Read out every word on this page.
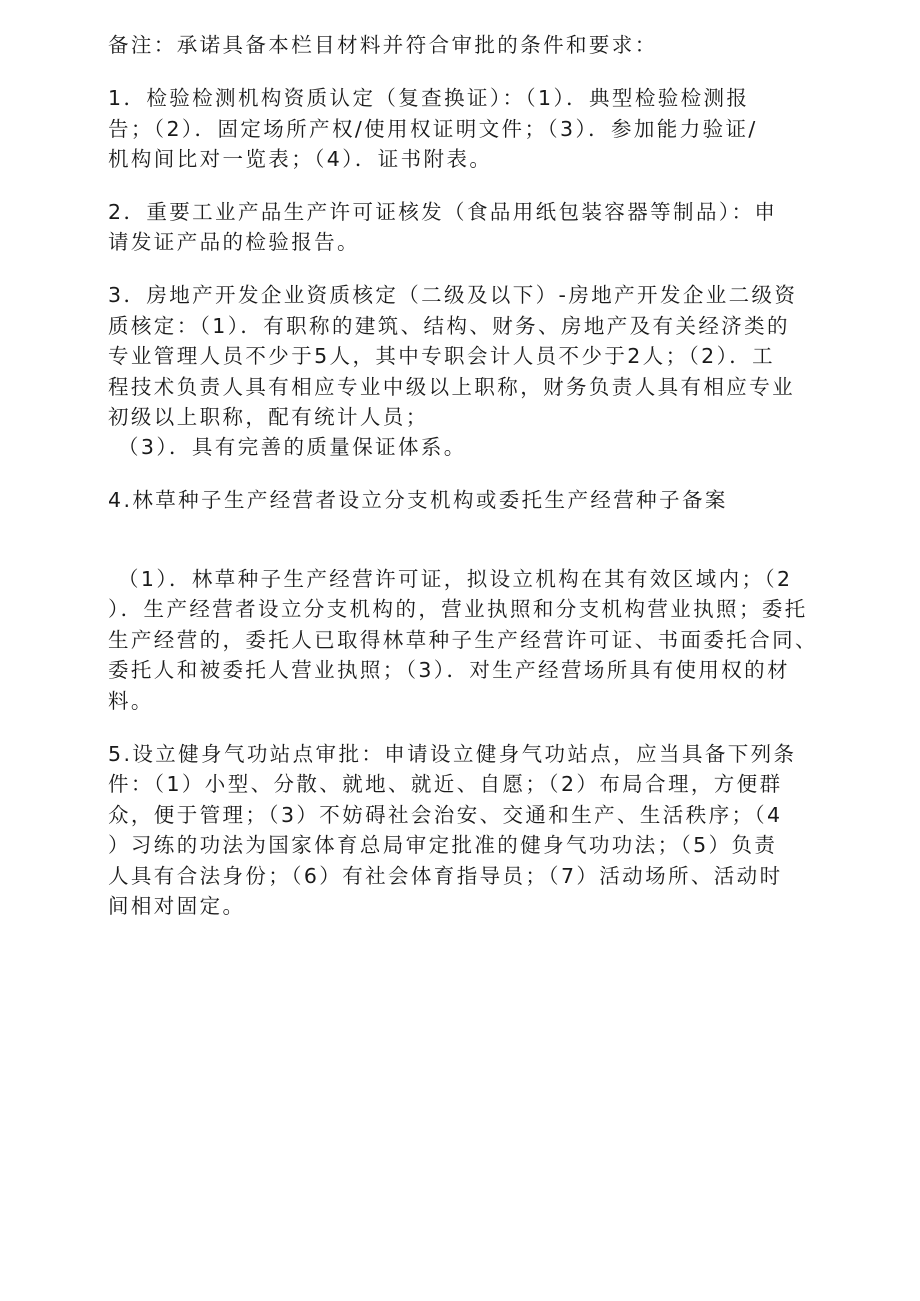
备注：承诺具备本栏目材料并符合审批的条件和要求：
1．检验检测机构资质认定（复查换证）：（1）．典型检验检测报
告；（2）．固定场所产权/使用权证明文件；（3）．参加能力验证/
机构间比对一览表；（4）．证书附表。
2．重要工业产品生产许可证核发（食品用纸包装容器等制品）：申
请发证产品的检验报告。
3．房地产开发企业资质核定（二级及以下）-房地产开发企业二级资
质核定：（1）．有职称的建筑、结构、财务、房地产及有关经济类的
专业管理人员不少于5人，其中专职会计人员不少于2人；（2）．工
程技术负责人具有相应专业中级以上职称，财务负责人具有相应专业
初级以上职称，配有统计人员；
（3）．具有完善的质量保证体系。
4.林草种子生产经营者设立分支机构或委托生产经营种子备案
（1）．林草种子生产经营许可证，拟设立机构在其有效区域内；（2
）．生产经营者设立分支机构的，营业执照和分支机构营业执照；委托
生产经营的，委托人已取得林草种子生产经营许可证、书面委托合同、
委托人和被委托人营业执照；（3）．对生产经营场所具有使用权的材
料。
5.设立健身气功站点审批：申请设立健身气功站点，应当具备下列条
件：（1）小型、分散、就地、就近、自愿；（2）布局合理，方便群
众，便于管理；（3）不妨碍社会治安、交通和生产、生活秩序；（4
）习练的功法为国家体育总局审定批准的健身气功功法；（5）负责
人具有合法身份；（6）有社会体育指导员；（7）活动场所、活动时
间相对固定。
